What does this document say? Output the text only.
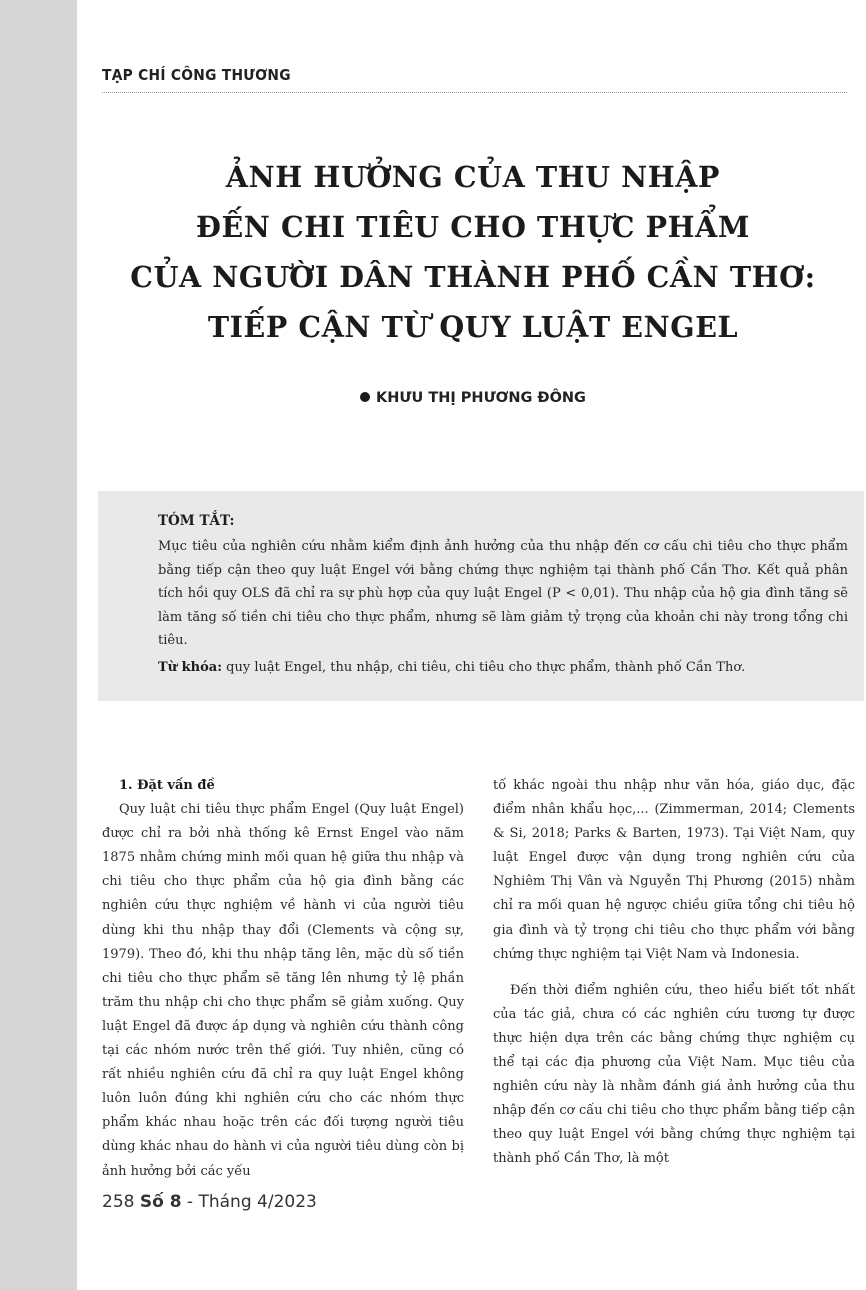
TẠP CHÍ CÔNG THƯƠNG
ẢNH HƯỞNG CỦA THU NHẬP
ĐẾN CHI TIÊU CHO THỰC PHẨM
CỦA NGƯỜI DÂN THÀNH PHỐ CẦN THƠ:
TIẾP CẬN TỪ QUY LUẬT ENGEL
KHƯU THỊ PHƯƠNG ĐÔNG
TÓM TẮT:
Mục tiêu của nghiên cứu nhằm kiểm định ảnh hưởng của thu nhập đến cơ cấu chi tiêu cho thực phẩm bằng tiếp cận theo quy luật Engel với bằng chứng thực nghiệm tại thành phố Cần Thơ. Kết quả phân tích hồi quy OLS đã chỉ ra sự phù hợp của quy luật Engel (P < 0,01). Thu nhập của hộ gia đình tăng sẽ làm tăng số tiền chi tiêu cho thực phẩm, nhưng sẽ làm giảm tỷ trọng của khoản chi này trong tổng chi tiêu.
Từ khóa: quy luật Engel, thu nhập, chi tiêu, chi tiêu cho thực phẩm, thành phố Cần Thơ.

1. Đặt vấn đề

Quy luật chi tiêu thực phẩm Engel (Quy luật Engel) được chỉ ra bởi nhà thống kê Ernst Engel vào năm 1875 nhằm chứng minh mối quan hệ giữa thu nhập và chi tiêu cho thực phẩm của hộ gia đình bằng các nghiên cứu thực nghiệm về hành vi của người tiêu dùng khi thu nhập thay đổi (Clements và cộng sự, 1979). Theo đó, khi thu nhập tăng lên, mặc dù số tiền chi tiêu cho thực phẩm sẽ tăng lên nhưng tỷ lệ phần trăm thu nhập chi cho thực phẩm sẽ giảm xuống. Quy luật Engel đã được áp dụng và nghiên cứu thành công tại các nhóm nước trên thế giới. Tuy nhiên, cũng có rất nhiều nghiên cứu đã chỉ ra quy luật Engel không luôn luôn đúng khi nghiên cứu cho các nhóm thực phẩm khác nhau hoặc trên các đối tượng người tiêu dùng khác nhau do hành vi của người tiêu dùng còn bị ảnh hưởng bởi các yếu

tố khác ngoài thu nhập như văn hóa, giáo dục, đặc điểm nhân khẩu học,... (Zimmerman, 2014; Clements & Si, 2018; Parks & Barten, 1973). Tại Việt Nam, quy luật Engel được vận dụng trong nghiên cứu của Nghiêm Thị Vân và Nguyễn Thị Phương (2015) nhằm chỉ ra mối quan hệ ngược chiều giữa tổng chi tiêu hộ gia đình và tỷ trọng chi tiêu cho thực phẩm với bằng chứng thực nghiệm tại Việt Nam và Indonesia.

Đến thời điểm nghiên cứu, theo hiểu biết tốt nhất của tác giả, chưa có các nghiên cứu tương tự được thực hiện dựa trên các bằng chứng thực nghiệm cụ thể tại các địa phương của Việt Nam. Mục tiêu của nghiên cứu này là nhằm đánh giá ảnh hưởng của thu nhập đến cơ cấu chi tiêu cho thực phẩm bằng tiếp cận theo quy luật Engel với bằng chứng thực nghiệm tại thành phố Cần Thơ, là một

258 Số 8 - Tháng 4/2023
